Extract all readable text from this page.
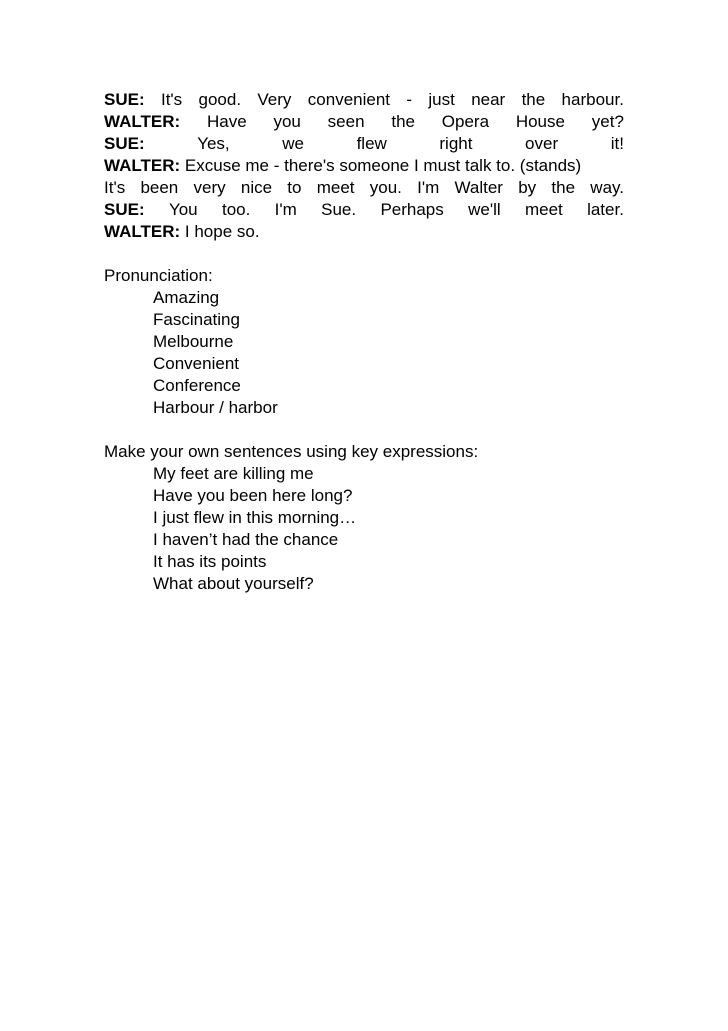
SUE: It's good. Very convenient - just near the harbour.
WALTER: Have you seen the Opera House yet?
SUE:	Yes,	we	flew	right	over	it!
WALTER: Excuse me - there's someone I must talk to. (stands)
It's been very nice to meet you. I'm Walter by the way.
SUE: You too. I'm Sue. Perhaps we'll meet later.
WALTER: I hope so.
Pronunciation:
Amazing
Fascinating
Melbourne
Convenient
Conference
Harbour / harbor
Make your own sentences using key expressions:
My feet are killing me
Have you been here long?
I just flew in this morning…
I haven’t had the chance
It has its points
What about yourself?
